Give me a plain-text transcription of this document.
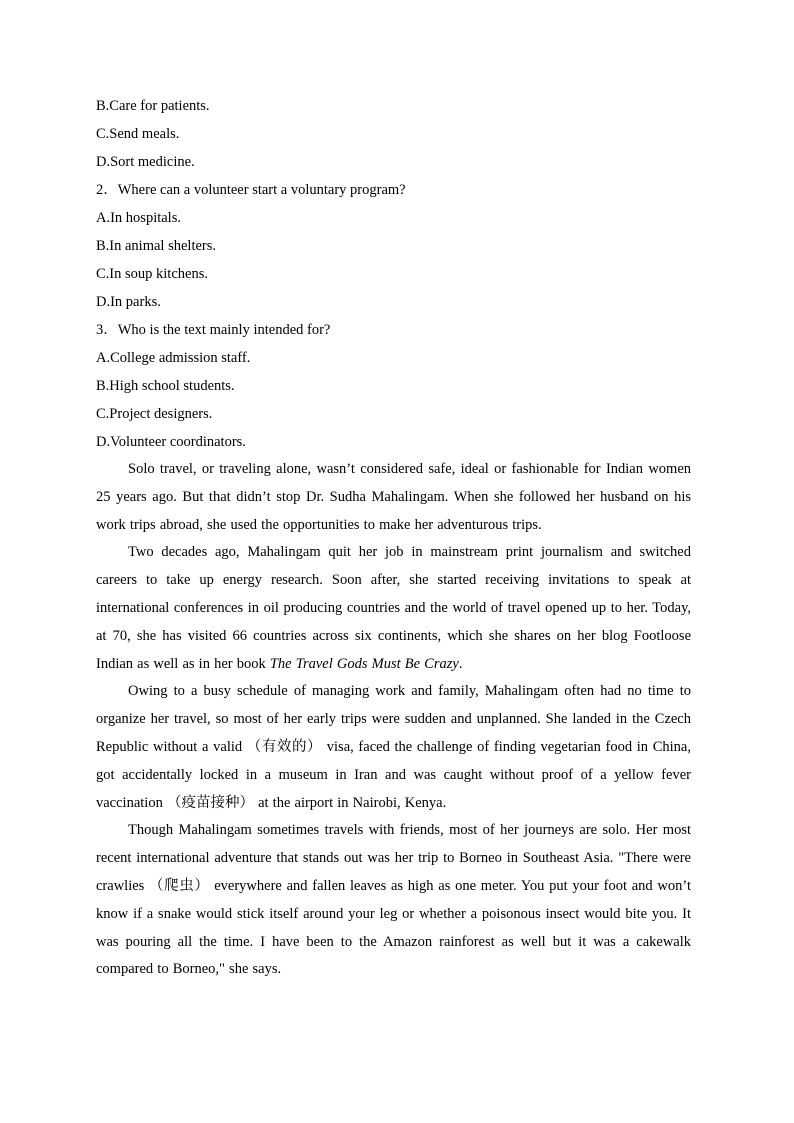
B.Care for patients.
C.Send meals.
D.Sort medicine.
2．Where can a volunteer start a voluntary program?
A.In hospitals.
B.In animal shelters.
C.In soup kitchens.
D.In parks.
3．Who is the text mainly intended for?
A.College admission staff.
B.High school students.
C.Project designers.
D.Volunteer coordinators.

Solo travel, or traveling alone, wasn’t considered safe, ideal or fashionable for Indian women 25 years ago. But that didn’t stop Dr. Sudha Mahalingam. When she followed her husband on his work trips abroad, she used the opportunities to make her adventurous trips.

Two decades ago, Mahalingam quit her job in mainstream print journalism and switched careers to take up energy research. Soon after, she started receiving invitations to speak at international conferences in oil producing countries and the world of travel opened up to her. Today, at 70, she has visited 66 countries across six continents, which she shares on her blog Footloose Indian as well as in her book The Travel Gods Must Be Crazy.

Owing to a busy schedule of managing work and family, Mahalingam often had no time to organize her travel, so most of her early trips were sudden and unplanned. She landed in the Czech Republic without a valid （有效的） visa, faced the challenge of finding vegetarian food in China, got accidentally locked in a museum in Iran and was caught without proof of a yellow fever vaccination （疫苗接种） at the airport in Nairobi, Kenya.

Though Mahalingam sometimes travels with friends, most of her journeys are solo. Her most recent international adventure that stands out was her trip to Borneo in Southeast Asia. "There were crawlies （爬虫） everywhere and fallen leaves as high as one meter. You put your foot and won’t know if a snake would stick itself around your leg or whether a poisonous insect would bite you. It was pouring all the time. I have been to the Amazon rainforest as well but it was a cakewalk compared to Borneo," she says.
